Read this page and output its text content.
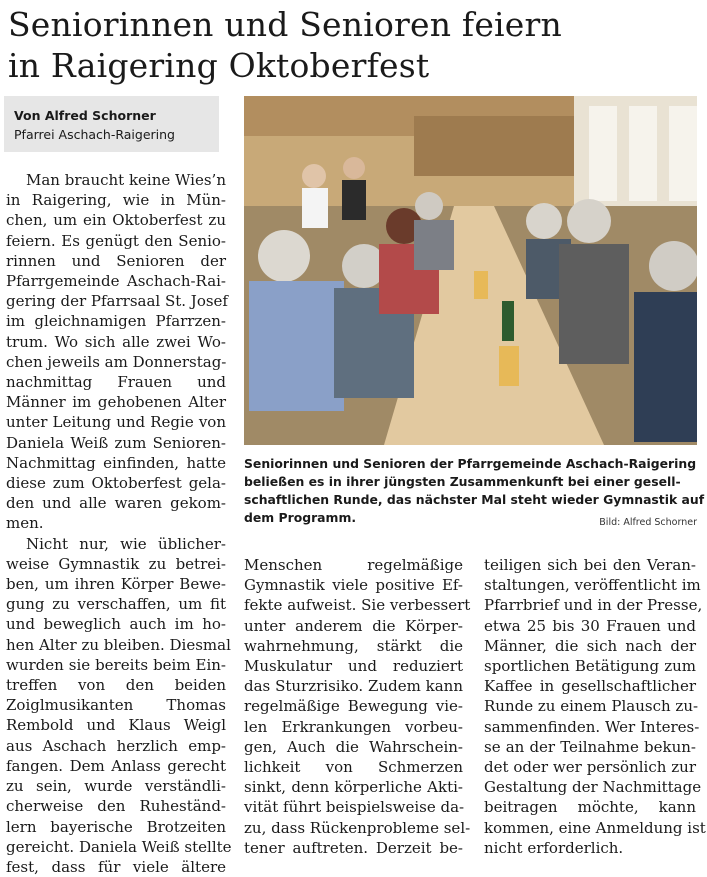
Seniorinnen und Senioren feiern
in Raigering Oktoberfest
Von Alfred Schorner
Pfarrei Aschach-Raigering
Seniorinnen und Senioren der Pfarrgemeinde Aschach-Raigering
beließen es in ihrer jüngsten Zusammenkunft bei einer gesell-
schaftlichen Runde, das nächster Mal steht wieder Gymnastik auf
dem Programm.	Bild: Alfred Schorner
Man braucht keine Wies’n
in Raigering, wie in Mün-
chen, um ein Oktoberfest zu
feiern. Es genügt den Senio-
rinnen und Senioren der
Pfarrgemeinde Aschach-Rai-
gering der Pfarrsaal St. Josef
im gleichnamigen Pfarrzen-
trum. Wo sich alle zwei Wo-
chen jeweils am Donnerstag-
nachmittag Frauen und
Männer im gehobenen Alter
unter Leitung und Regie von
Daniela Weiß zum Senioren-
Nachmittag einfinden, hatte
diese zum Oktoberfest gela-
den und alle waren gekom-
men.
Nicht nur, wie üblicher-
weise Gymnastik zu betrei-
ben, um ihren Körper Bewe-
gung zu verschaffen, um fit
und beweglich auch im ho-
hen Alter zu bleiben. Diesmal
wurden sie bereits beim Ein-
treffen von den beiden
Zoiglmusikanten Thomas
Rembold und Klaus Weigl
aus Aschach herzlich emp-
fangen. Dem Anlass gerecht
zu sein, wurde verständli-
cherweise den Ruheständ-
lern bayerische Brotzeiten
gereicht. Daniela Weiß stellte
fest, dass für viele ältere
Menschen regelmäßige
Gymnastik viele positive Ef-
fekte aufweist. Sie verbessert
unter anderem die Körper-
wahrnehmung, stärkt die
Muskulatur und reduziert
das Sturzrisiko. Zudem kann
regelmäßige Bewegung vie-
len Erkrankungen vorbeu-
gen, Auch die Wahrschein-
lichkeit von Schmerzen
sinkt, denn körperliche Akti-
vität führt beispielsweise da-
zu, dass Rückenprobleme sel-
tener auftreten. Derzeit be-
teiligen sich bei den Veran-
staltungen, veröffentlicht im
Pfarrbrief und in der Presse,
etwa 25 bis 30 Frauen und
Männer, die sich nach der
sportlichen Betätigung zum
Kaffee in gesellschaftlicher
Runde zu einem Plausch zu-
sammenfinden. Wer Interes-
se an der Teilnahme bekun-
det oder wer persönlich zur
Gestaltung der Nachmittage
beitragen möchte, kann
kommen, eine Anmeldung ist
nicht erforderlich.
